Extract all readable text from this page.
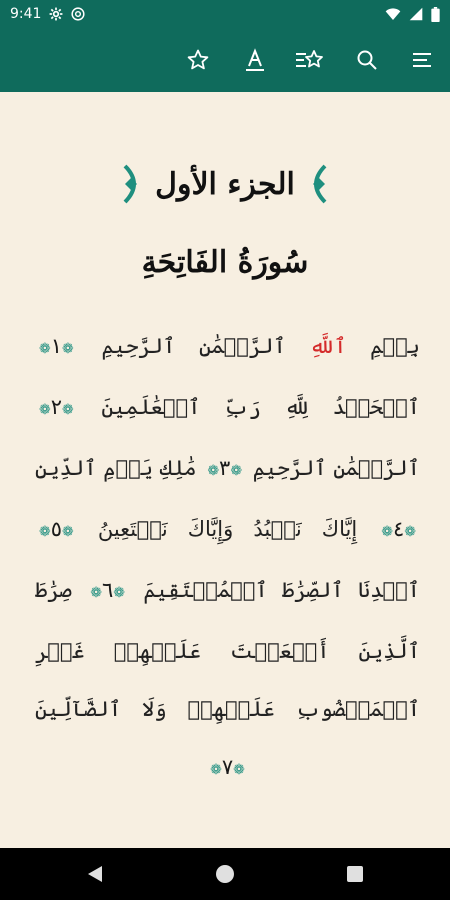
9:41
الجزء الأول
سُورَةُ الفَاتِحَةِ
بِسۡمِ ٱللَّهِ ٱلرَّحۡمَٰنِ ٱلرَّحِيمِ ❁١❁ ٱلۡحَمۡدُ لِلَّهِ رَبِّ ٱلۡعَٰلَمِينَ ❁٢❁ ٱلرَّحۡمَٰنِ ٱلرَّحِيمِ ❁٣❁ مَٰلِكِ يَوۡمِ ٱلدِّينِ ❁٤❁ إِيَّاكَ نَعۡبُدُ وَإِيَّاكَ نَسۡتَعِينُ ❁٥❁ ٱهۡدِنَا ٱلصِّرَٰطَ ٱلۡمُسۡتَقِيمَ ❁٦❁ صِرَٰطَ ٱلَّذِينَ أَنۡعَمۡتَ عَلَيۡهِمۡ غَيۡرِ ٱلۡمَغۡضُوبِ عَلَيۡهِمۡ وَلَا ٱلضَّآلِّينَ ❁٧❁
